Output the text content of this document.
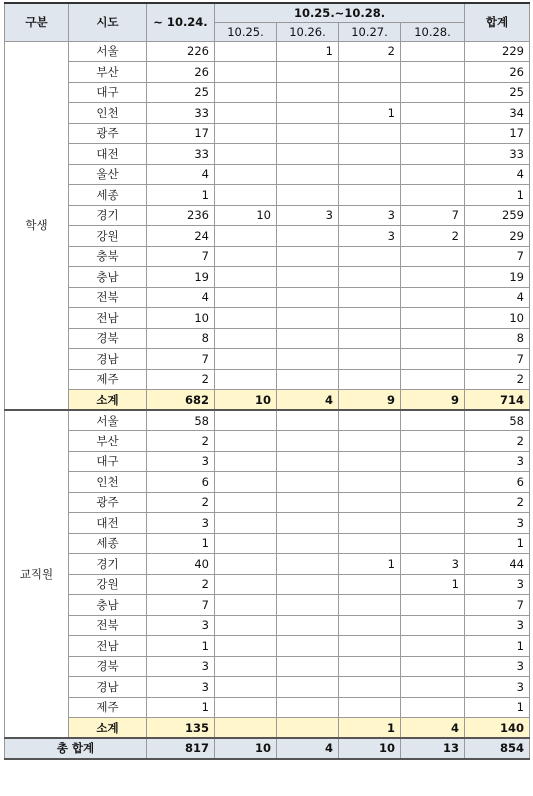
구분	시도	~ 10.24.	10.25.~10.28.				합계
			10.25.	10.26.	10.27.	10.28.	
학생	서울	226		1	2		229
	부산	26					26
	대구	25					25
	인천	33			1		34
	광주	17					17
	대전	33					33
	울산	4					4
	세종	1					1
	경기	236	10	3	3	7	259
	강원	24			3	2	29
	충북	7					7
	충남	19					19
	전북	4					4
	전남	10					10
	경북	8					8
	경남	7					7
	제주	2					2
	소계	682	10	4	9	9	714
교직원	서울	58					58
	부산	2					2
	대구	3					3
	인천	6					6
	광주	2					2
	대전	3					3
	세종	1					1
	경기	40			1	3	44
	강원	2				1	3
	충남	7					7
	전북	3					3
	전남	1					1
	경북	3					3
	경남	3					3
	제주	1					1
	소계	135			1	4	140
총 합계		817	10	4	10	13	854
